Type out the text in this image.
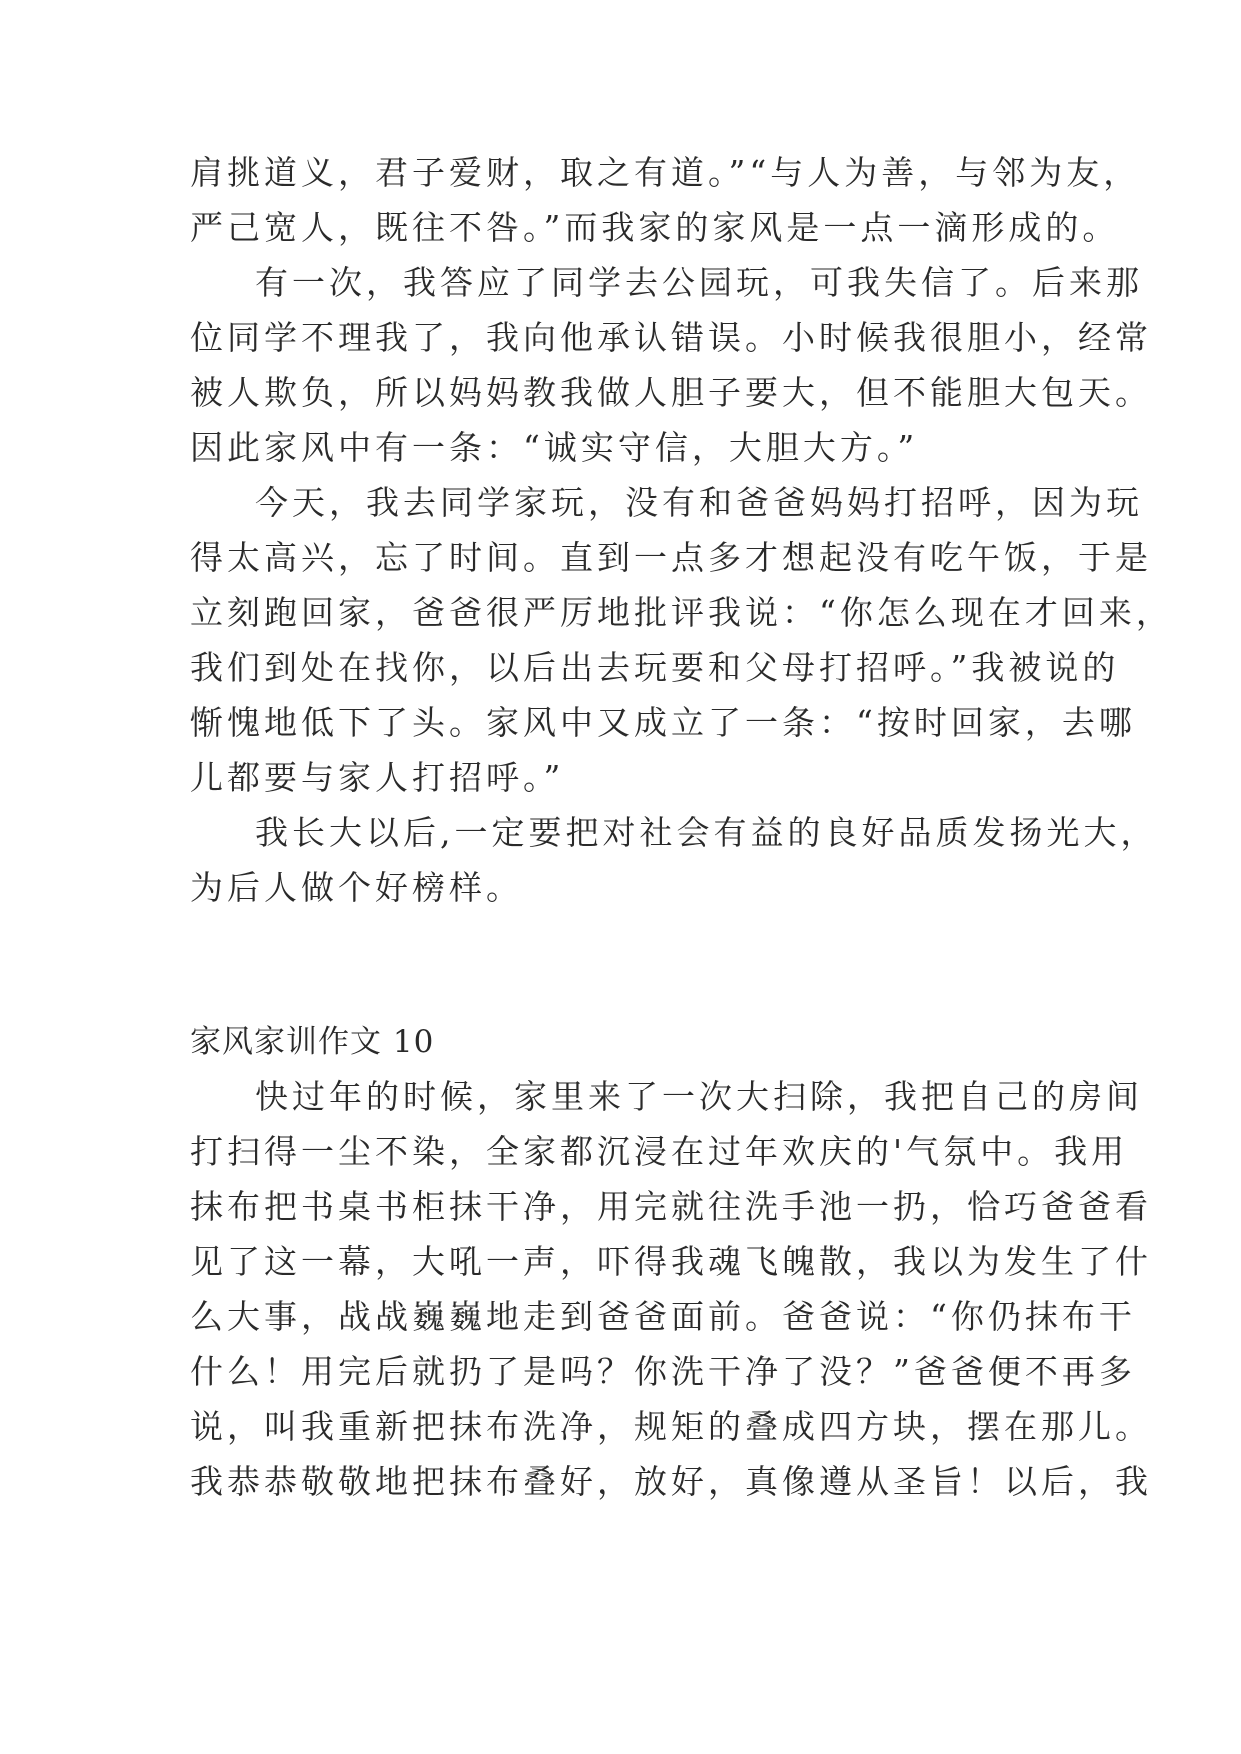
肩挑道义，君子爱财，取之有道。”“与人为善，与邻为友，
严己宽人，既往不咎。”而我家的家风是一点一滴形成的。
有一次，我答应了同学去公园玩，可我失信了。后来那
位同学不理我了，我向他承认错误。小时候我很胆小，经常
被人欺负，所以妈妈教我做人胆子要大，但不能胆大包天。
因此家风中有一条：“诚实守信，大胆大方。”
今天，我去同学家玩，没有和爸爸妈妈打招呼，因为玩
得太高兴，忘了时间。直到一点多才想起没有吃午饭，于是
立刻跑回家，爸爸很严厉地批评我说：“你怎么现在才回来，
我们到处在找你，以后出去玩要和父母打招呼。”我被说的
惭愧地低下了头。家风中又成立了一条：“按时回家，去哪
儿都要与家人打招呼。”
我长大以后,一定要把对社会有益的良好品质发扬光大，
为后人做个好榜样。
家风家训作文 10
快过年的时候，家里来了一次大扫除，我把自己的房间
打扫得一尘不染，全家都沉浸在过年欢庆的'气氛中。我用
抹布把书桌书柜抹干净，用完就往洗手池一扔，恰巧爸爸看
见了这一幕，大吼一声，吓得我魂飞魄散，我以为发生了什
么大事，战战巍巍地走到爸爸面前。爸爸说：“你仍抹布干
什么！用完后就扔了是吗？你洗干净了没？”爸爸便不再多
说，叫我重新把抹布洗净，规矩的叠成四方块，摆在那儿。
我恭恭敬敬地把抹布叠好，放好，真像遵从圣旨！以后，我
